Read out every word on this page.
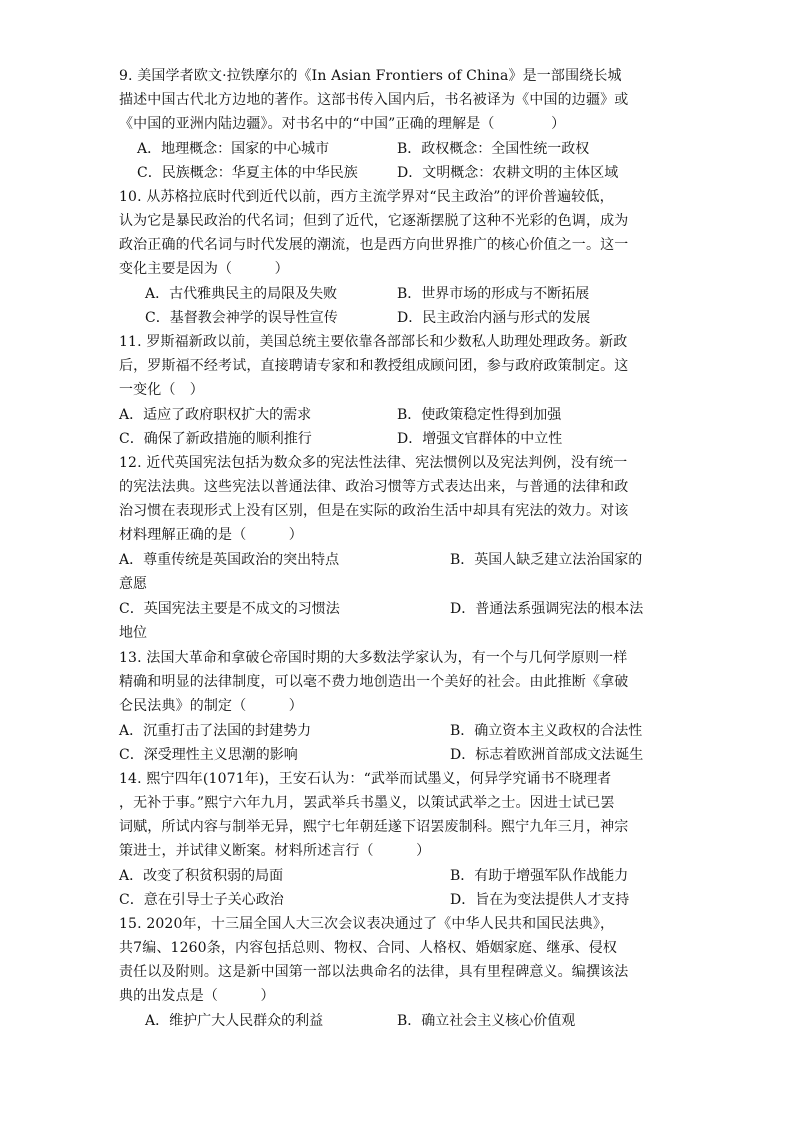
9. 美国学者欧文·拉铁摩尔的《In Asian Frontiers of China》是一部围绕长城
描述中国古代北方边地的著作。这部书传入国内后，书名被译为《中国的边疆》或
《中国的亚洲内陆边疆》。对书名中的“中国”正确的理解是（　　　　）
A．地理概念：国家的中心城市	B．政权概念：全国性统一政权
C．民族概念：华夏主体的中华民族	D．文明概念：农耕文明的主体区域
10. 从苏格拉底时代到近代以前，西方主流学界对“民主政治”的评价普遍较低，
认为它是暴民政治的代名词；但到了近代，它逐渐摆脱了这种不光彩的色调，成为
政治正确的代名词与时代发展的潮流，也是西方向世界推广的核心价值之一。这一
变化主要是因为（　　　）
A．古代雅典民主的局限及失败	B．世界市场的形成与不断拓展
C．基督教会神学的误导性宣传	D．民主政治内涵与形式的发展
11. 罗斯福新政以前，美国总统主要依靠各部部长和少数私人助理处理政务。新政
后，罗斯福不经考试，直接聘请专家和和教授组成顾问团，参与政府政策制定。这
一变化（　）
A．适应了政府职权扩大的需求	B．使政策稳定性得到加强
C．确保了新政措施的顺利推行	D．增强文官群体的中立性
12. 近代英国宪法包括为数众多的宪法性法律、宪法惯例以及宪法判例，没有统一
的宪法法典。这些宪法以普通法律、政治习惯等方式表达出来，与普通的法律和政
治习惯在表现形式上没有区别，但是在实际的政治生活中却具有宪法的效力。对该
材料理解正确的是（　　　）
A．尊重传统是英国政治的突出特点	B．英国人缺乏建立法治国家的
意愿
C．英国宪法主要是不成文的习惯法	D．普通法系强调宪法的根本法
地位
13. 法国大革命和拿破仑帝国时期的大多数法学家认为，有一个与几何学原则一样
精确和明显的法律制度，可以毫不费力地创造出一个美好的社会。由此推断《拿破
仑民法典》的制定（　　　）
A．沉重打击了法国的封建势力	B．确立资本主义政权的合法性
C．深受理性主义思潮的影响	D．标志着欧洲首部成文法诞生
14. 熙宁四年(1071年)，王安石认为：“武举而试墨义，何异学究诵书不晓理者
，无补于事。”熙宁六年九月，罢武举兵书墨义，以策试武举之士。因进士试已罢
词赋，所试内容与制举无异，熙宁七年朝廷遂下诏罢废制科。熙宁九年三月，神宗
策进士，并试律义断案。材料所述言行（　　　）
A．改变了积贫积弱的局面	B．有助于增强军队作战能力
C．意在引导士子关心政治	D．旨在为变法提供人才支持
15. 2020年，十三届全国人大三次会议表决通过了《中华人民共和国民法典》，
共7编、1260条，内容包括总则、物权、合同、人格权、婚姻家庭、继承、侵权
责任以及附则。这是新中国第一部以法典命名的法律，具有里程碑意义。编撰该法
典的出发点是（　　　）
A．维护广大人民群众的利益	B．确立社会主义核心价值观
